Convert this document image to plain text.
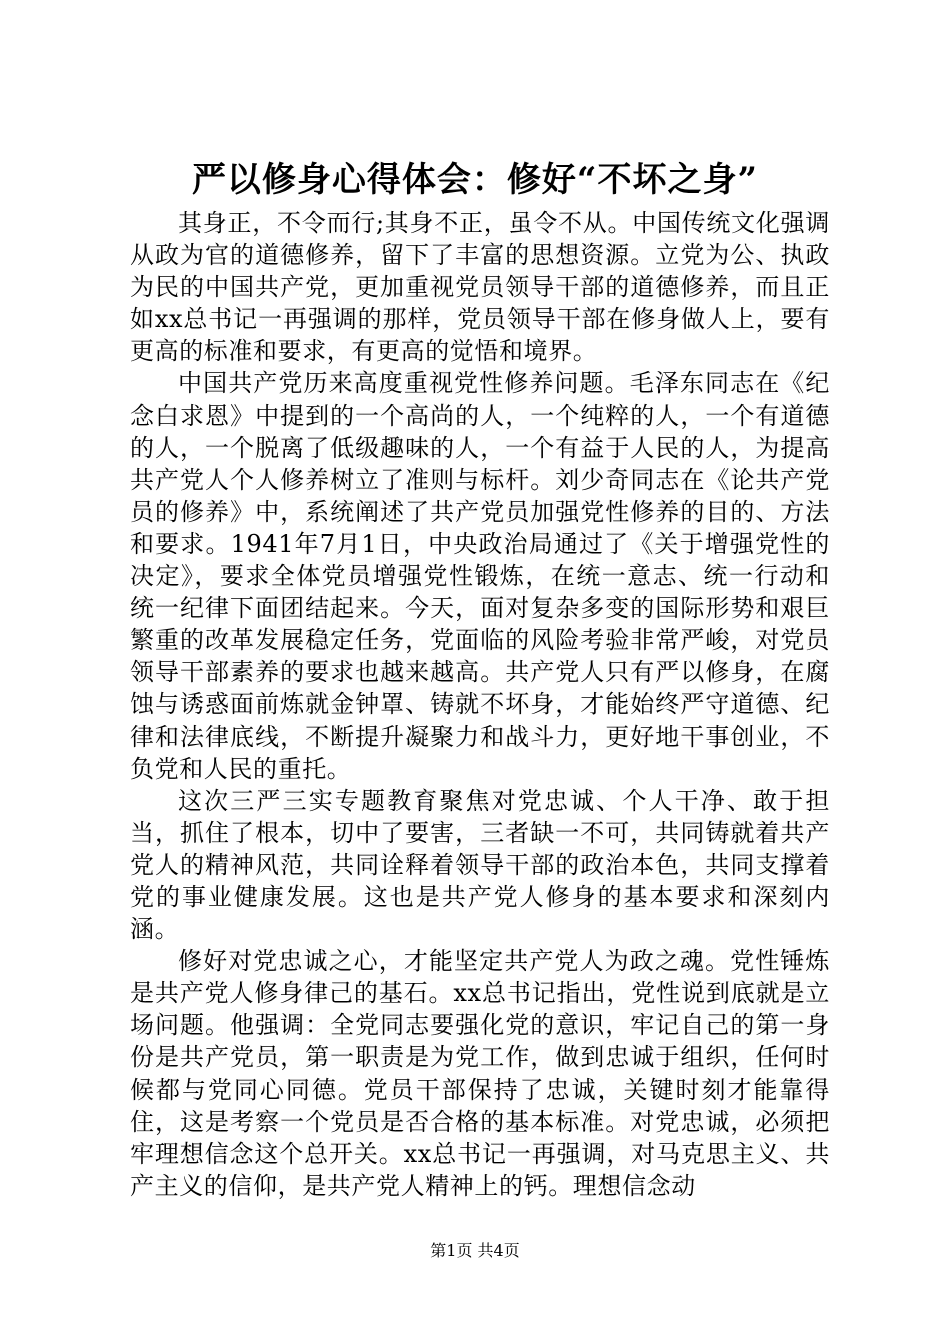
严以修身心得体会：修好“不坏之身”

其身正，不令而行;其身不正，虽令不从。中国传统文化强调从政为官的道德修养，留下了丰富的思想资源。立党为公、执政为民的中国共产党，更加重视党员领导干部的道德修养，而且正如xx总书记一再强调的那样，党员领导干部在修身做人上，要有更高的标准和要求，有更高的觉悟和境界。

中国共产党历来高度重视党性修养问题。毛泽东同志在《纪念白求恩》中提到的一个高尚的人，一个纯粹的人，一个有道德的人，一个脱离了低级趣味的人，一个有益于人民的人，为提高共产党人个人修养树立了准则与标杆。刘少奇同志在《论共产党员的修养》中，系统阐述了共产党员加强党性修养的目的、方法和要求。1941年7月1日，中央政治局通过了《关于增强党性的决定》，要求全体党员增强党性锻炼，在统一意志、统一行动和统一纪律下面团结起来。今天，面对复杂多变的国际形势和艰巨繁重的改革发展稳定任务，党面临的风险考验非常严峻，对党员领导干部素养的要求也越来越高。共产党人只有严以修身，在腐蚀与诱惑面前炼就金钟罩、铸就不坏身，才能始终严守道德、纪律和法律底线，不断提升凝聚力和战斗力，更好地干事创业，不负党和人民的重托。

这次三严三实专题教育聚焦对党忠诚、个人干净、敢于担当，抓住了根本，切中了要害，三者缺一不可，共同铸就着共产党人的精神风范，共同诠释着领导干部的政治本色，共同支撑着党的事业健康发展。这也是共产党人修身的基本要求和深刻内涵。

修好对党忠诚之心，才能坚定共产党人为政之魂。党性锤炼是共产党人修身律己的基石。xx总书记指出，党性说到底就是立场问题。他强调：全党同志要强化党的意识，牢记自己的第一身份是共产党员，第一职责是为党工作，做到忠诚于组织，任何时候都与党同心同德。党员干部保持了忠诚，关键时刻才能靠得住，这是考察一个党员是否合格的基本标准。对党忠诚，必须把牢理想信念这个总开关。xx总书记一再强调，对马克思主义、共产主义的信仰，是共产党人精神上的钙。理想信念动

第1页 共4页
